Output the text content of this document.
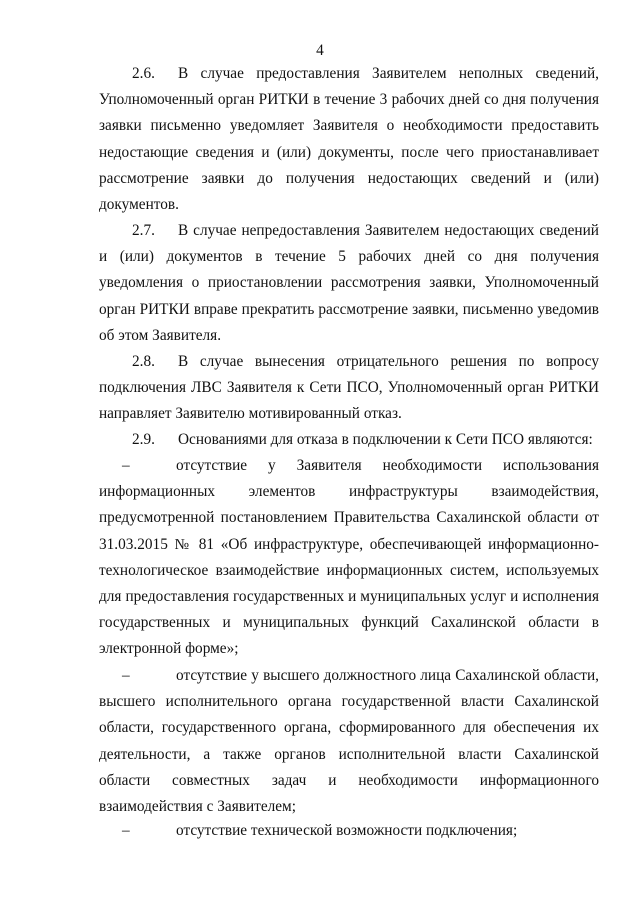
4
2.6. В случае предоставления Заявителем неполных сведений, Уполномоченный орган РИТКИ в течение 3 рабочих дней со дня получения заявки письменно уведомляет Заявителя о необходимости предоставить недостающие сведения и (или) документы, после чего приостанавливает рассмотрение заявки до получения недостающих сведений и (или) документов.
2.7. В случае непредоставления Заявителем недостающих сведений и (или) документов в течение 5 рабочих дней со дня получения уведомления о приостановлении рассмотрения заявки, Уполномоченный орган РИТКИ вправе прекратить рассмотрение заявки, письменно уведомив об этом Заявителя.
2.8. В случае вынесения отрицательного решения по вопросу подключения ЛВС Заявителя к Сети ПСО, Уполномоченный орган РИТКИ направляет Заявителю мотивированный отказ.
2.9. Основаниями для отказа в подключении к Сети ПСО являются:
–	отсутствие у Заявителя необходимости использования информационных элементов инфраструктуры взаимодействия, предусмотренной постановлением Правительства Сахалинской области от 31.03.2015 № 81 «Об инфраструктуре, обеспечивающей информационно-технологическое взаимодействие информационных систем, используемых для предоставления государственных и муниципальных услуг и исполнения государственных и муниципальных функций Сахалинской области в электронной форме»;
–	отсутствие у высшего должностного лица Сахалинской области, высшего исполнительного органа государственной власти Сахалинской области, государственного органа, сформированного для обеспечения их деятельности, а также органов исполнительной власти Сахалинской области совместных задач и необходимости информационного взаимодействия с Заявителем;
–	отсутствие технической возможности подключения;
